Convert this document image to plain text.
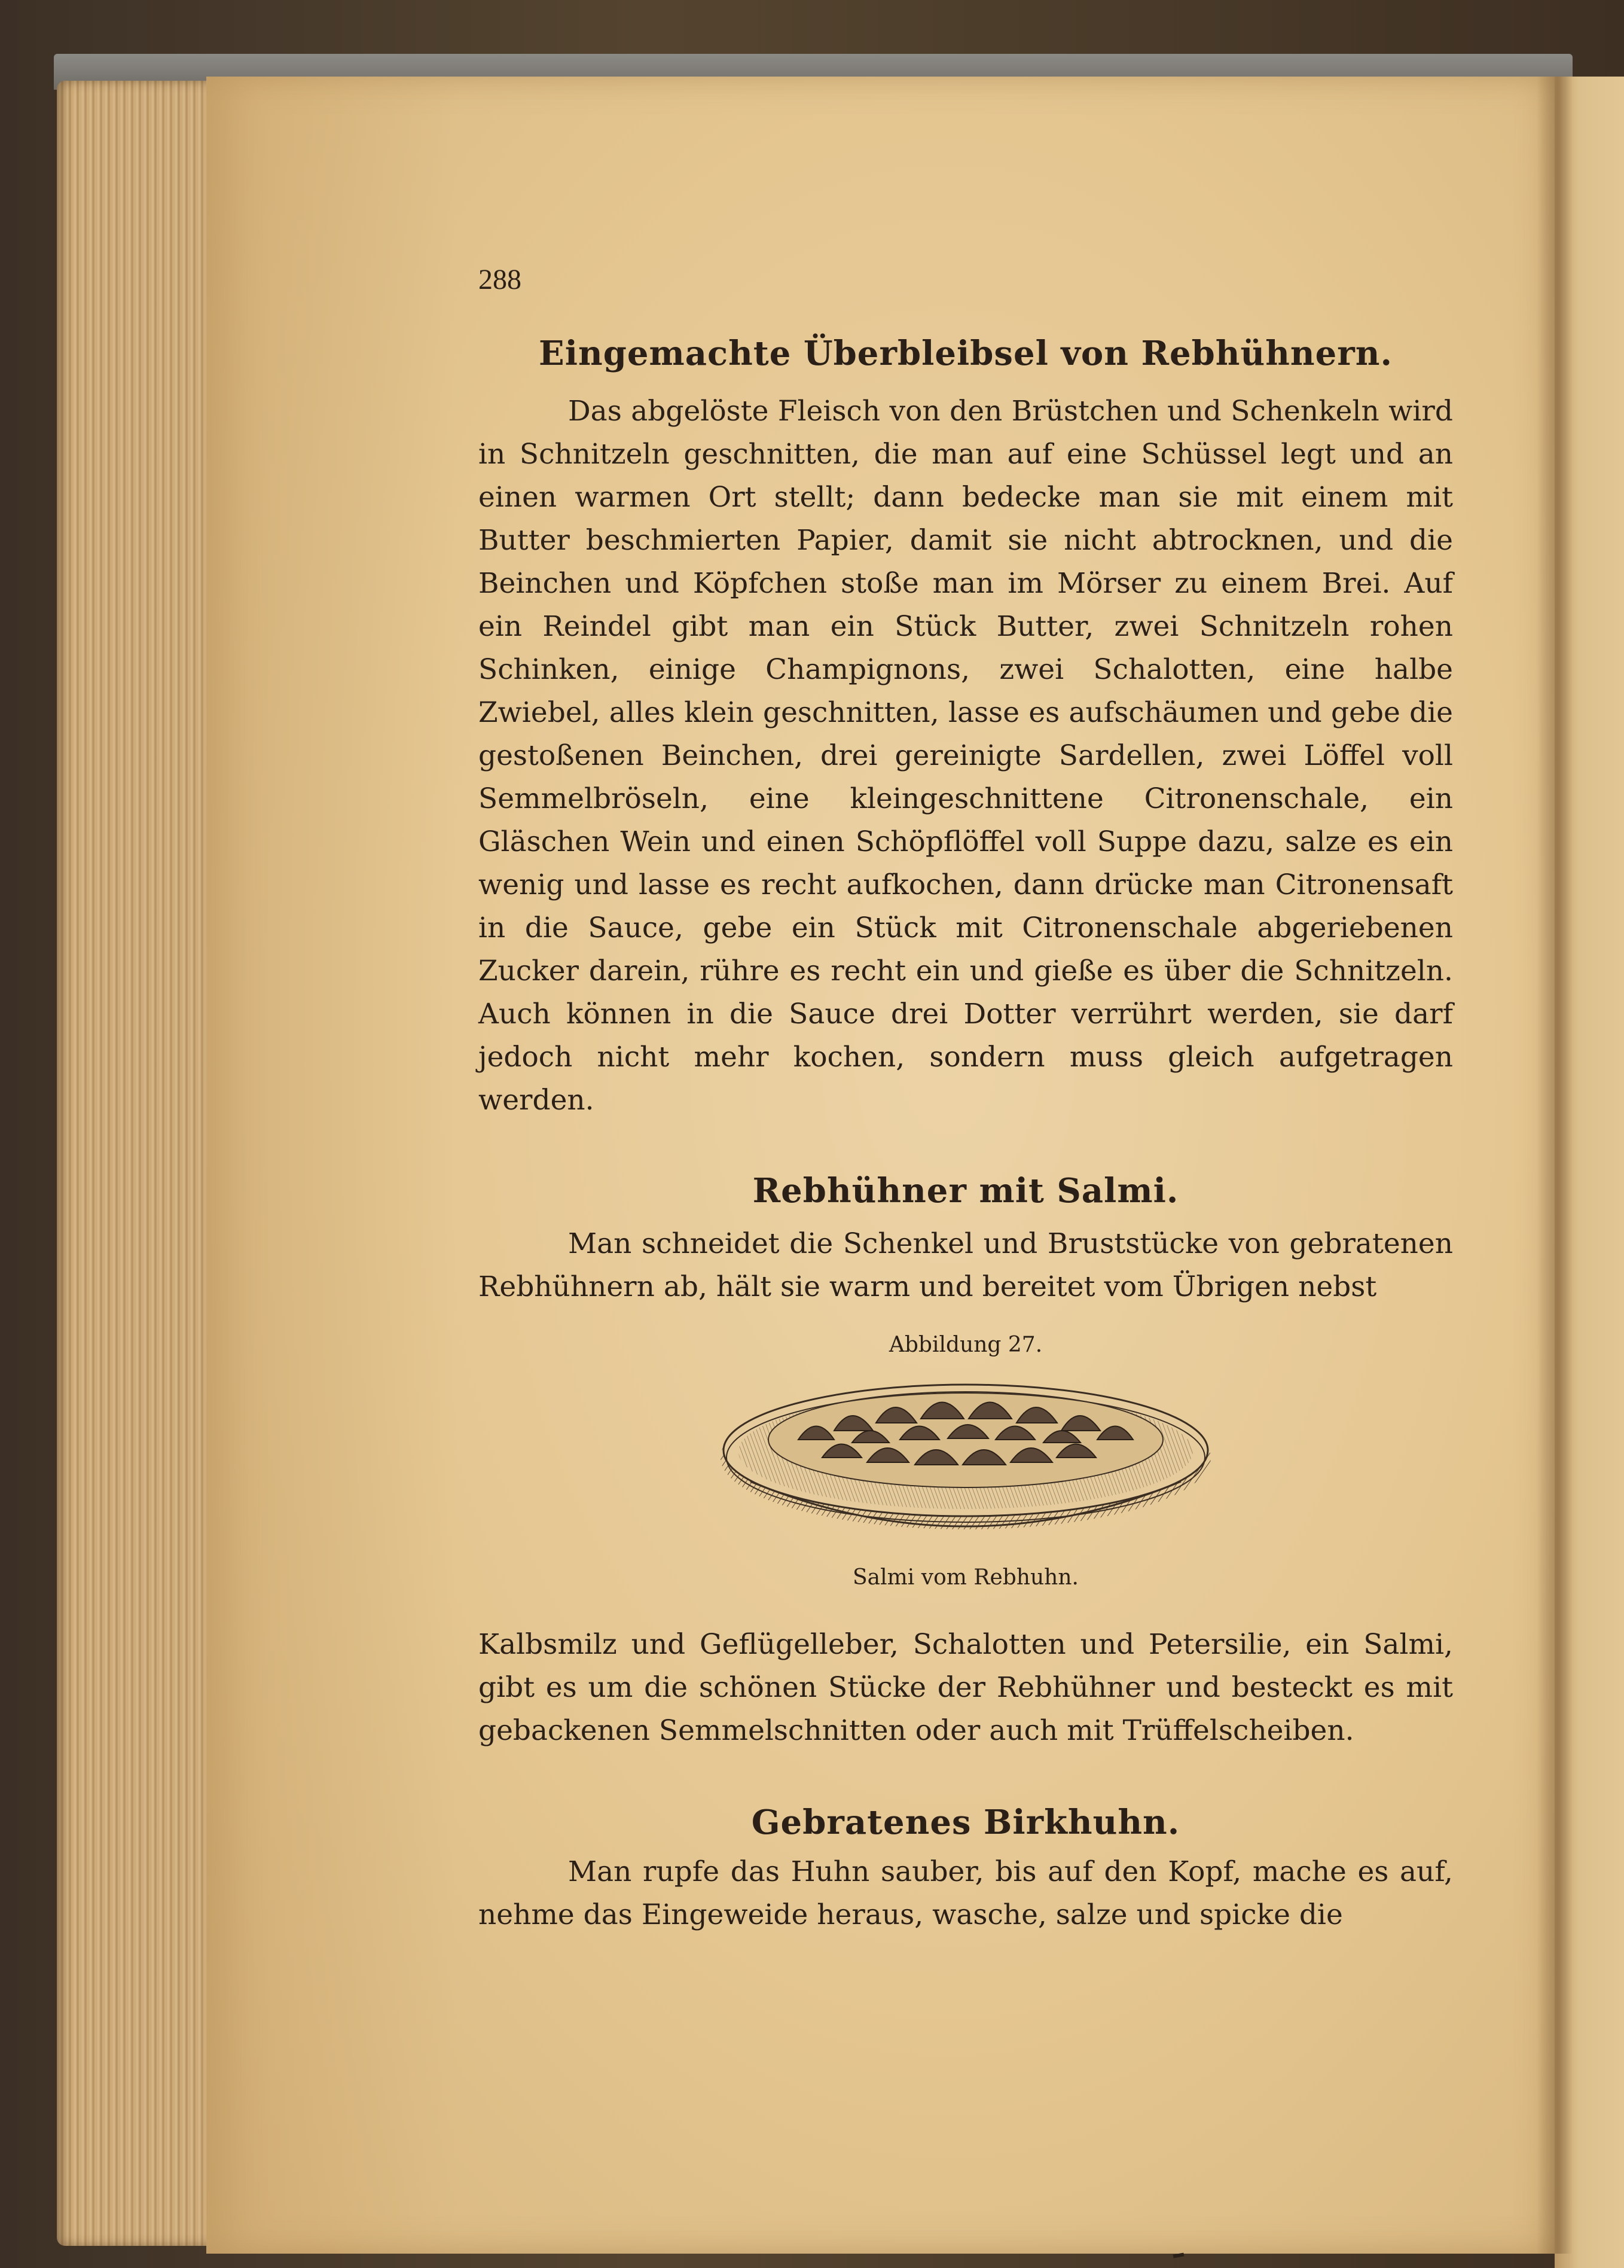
288
Eingemachte Überbleibsel von Rebhühnern.

Das abgelöste Fleisch von den Brüstchen und Schenkeln wird in Schnitzeln geschnitten, die man auf eine Schüssel legt und an einen warmen Ort stellt; dann bedecke man sie mit einem mit Butter beschmierten Papier, damit sie nicht abtrocknen, und die Beinchen und Köpfchen stoße man im Mörser zu einem Brei. Auf ein Reindel gibt man ein Stück Butter, zwei Schnitzeln rohen Schinken, einige Champignons, zwei Schalotten, eine halbe Zwiebel, alles klein geschnitten, lasse es aufschäumen und gebe die gestoßenen Beinchen, drei gereinigte Sardellen, zwei Löffel voll Semmelbröseln, eine kleingeschnittene Citronenschale, ein Gläschen Wein und einen Schöpflöffel voll Suppe dazu, salze es ein wenig und lasse es recht aufkochen, dann drücke man Citronensaft in die Sauce, gebe ein Stück mit Citronenschale abgeriebenen Zucker darein, rühre es recht ein und gieße es über die Schnitzeln. Auch können in die Sauce drei Dotter verrührt werden, sie darf jedoch nicht mehr kochen, sondern muss gleich aufgetragen werden.

Rebhühner mit Salmi.

Man schneidet die Schenkel und Bruststücke von gebratenen Rebhühnern ab, hält sie warm und bereitet vom Übrigen nebst

Abbildung 27.
Salmi vom Rebhuhn.

Kalbsmilz und Geflügelleber, Schalotten und Petersilie, ein Salmi, gibt es um die schönen Stücke der Rebhühner und besteckt es mit gebackenen Semmelschnitten oder auch mit Trüffelscheiben.

Gebratenes Birkhuhn.

Man rupfe das Huhn sauber, bis auf den Kopf, mache es auf, nehme das Eingeweide heraus, wasche, salze und spicke die
